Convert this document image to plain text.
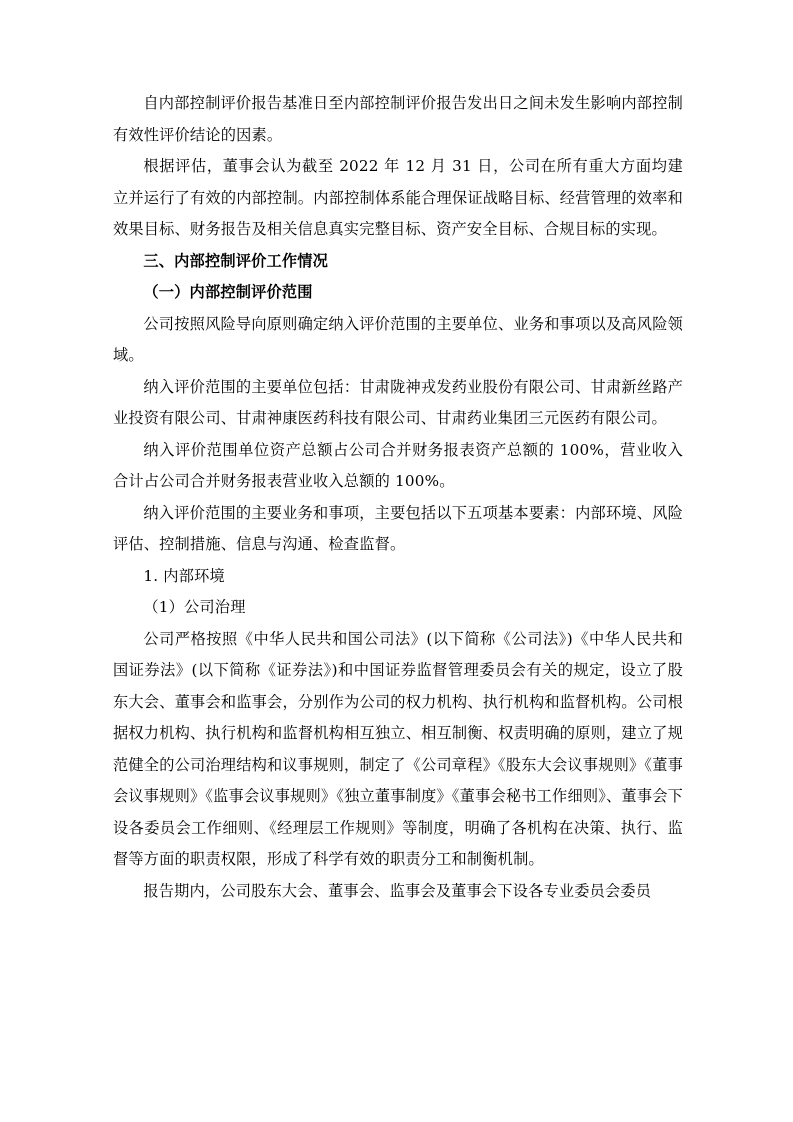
自内部控制评价报告基准日至内部控制评价报告发出日之间未发生影响内部控制有效性评价结论的因素。

根据评估，董事会认为截至 2022 年 12 月 31 日，公司在所有重大方面均建立并运行了有效的内部控制。内部控制体系能合理保证战略目标、经营管理的效率和效果目标、财务报告及相关信息真实完整目标、资产安全目标、合规目标的实现。

三、内部控制评价工作情况

（一）内部控制评价范围

公司按照风险导向原则确定纳入评价范围的主要单位、业务和事项以及高风险领域。

纳入评价范围的主要单位包括：甘肃陇神戎发药业股份有限公司、甘肃新丝路产业投资有限公司、甘肃神康医药科技有限公司、甘肃药业集团三元医药有限公司。

纳入评价范围单位资产总额占公司合并财务报表资产总额的 100%，营业收入合计占公司合并财务报表营业收入总额的 100%。

纳入评价范围的主要业务和事项，主要包括以下五项基本要素：内部环境、风险评估、控制措施、信息与沟通、检查监督。

1. 内部环境

（1）公司治理

公司严格按照《中华人民共和国公司法》(以下简称《公司法》)《中华人民共和国证券法》(以下简称《证券法》)和中国证券监督管理委员会有关的规定，设立了股东大会、董事会和监事会，分别作为公司的权力机构、执行机构和监督机构。公司根据权力机构、执行机构和监督机构相互独立、相互制衡、权责明确的原则，建立了规范健全的公司治理结构和议事规则，制定了《公司章程》《股东大会议事规则》《董事会议事规则》《监事会议事规则》《独立董事制度》《董事会秘书工作细则》、董事会下设各委员会工作细则、《经理层工作规则》等制度，明确了各机构在决策、执行、监督等方面的职责权限，形成了科学有效的职责分工和制衡机制。

报告期内，公司股东大会、董事会、监事会及董事会下设各专业委员会委员
